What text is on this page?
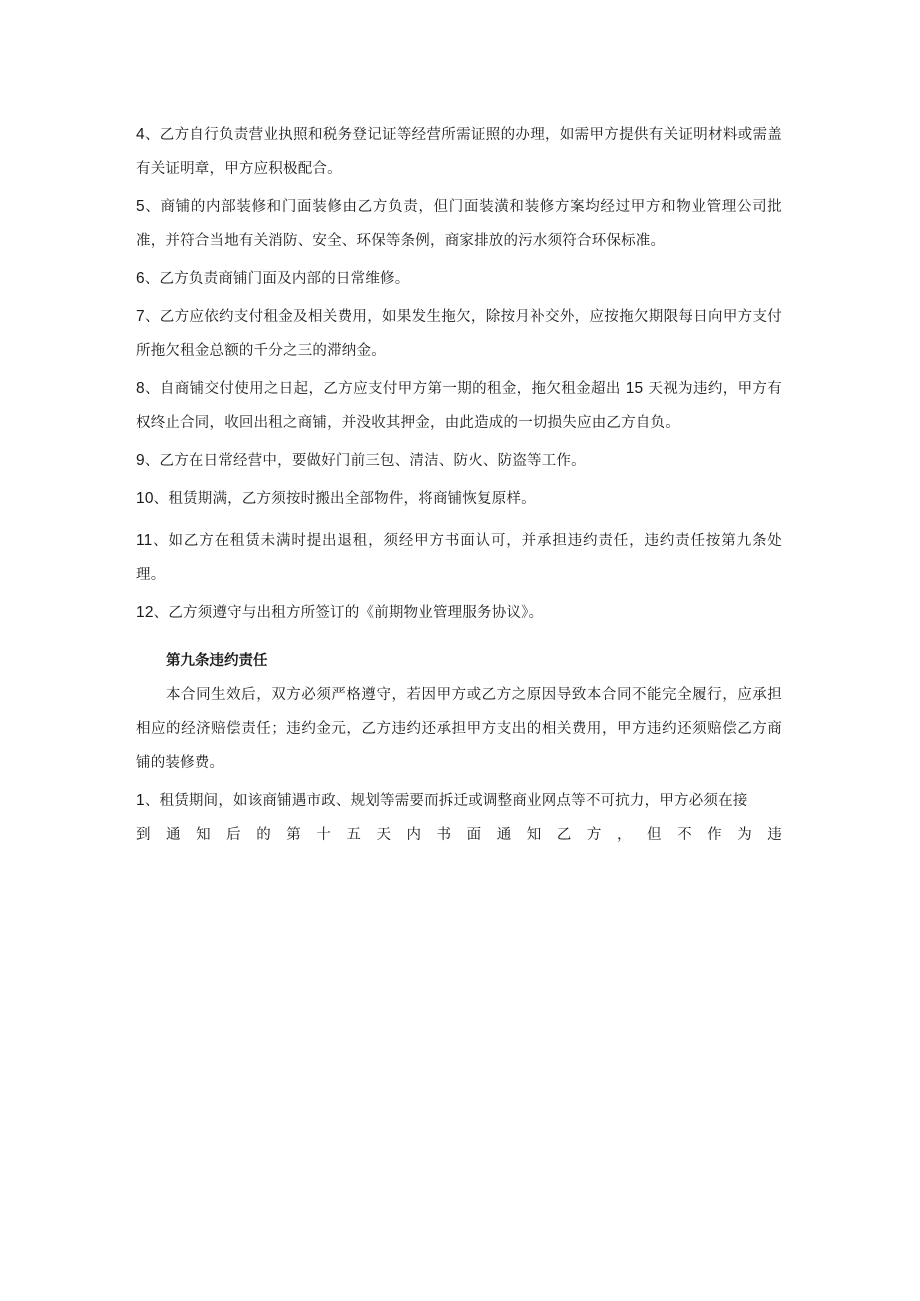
4、乙方自行负责营业执照和税务登记证等经营所需证照的办理，如需甲方提供有关证明材料或需盖有关证明章，甲方应积极配合。

5、商铺的内部装修和门面装修由乙方负责，但门面装潢和装修方案均经过甲方和物业管理公司批准，并符合当地有关消防、安全、环保等条例，商家排放的污水须符合环保标准。

6、乙方负责商铺门面及内部的日常维修。

7、乙方应依约支付租金及相关费用，如果发生拖欠，除按月补交外，应按拖欠期限每日向甲方支付所拖欠租金总额的千分之三的滞纳金。

8、自商铺交付使用之日起，乙方应支付甲方第一期的租金，拖欠租金超出 15 天视为违约，甲方有权终止合同，收回出租之商铺，并没收其押金，由此造成的一切损失应由乙方自负。

9、乙方在日常经营中，要做好门前三包、清洁、防火、防盗等工作。

10、租赁期满，乙方须按时搬出全部物件，将商铺恢复原样。

11、如乙方在租赁未满时提出退租，须经甲方书面认可，并承担违约责任，违约责任按第九条处理。

12、乙方须遵守与出租方所签订的《前期物业管理服务协议》。

第九条违约责任

本合同生效后，双方必须严格遵守，若因甲方或乙方之原因导致本合同不能完全履行，应承担相应的经济赔偿责任；违约金元，乙方违约还承担甲方支出的相关费用，甲方违约还须赔偿乙方商铺的装修费。

1、租赁期间，如该商铺遇市政、规划等需要而拆迁或调整商业网点等不可抗力，甲方必须在接

到通知后的第十五天内书面通知乙方，但不作为违
